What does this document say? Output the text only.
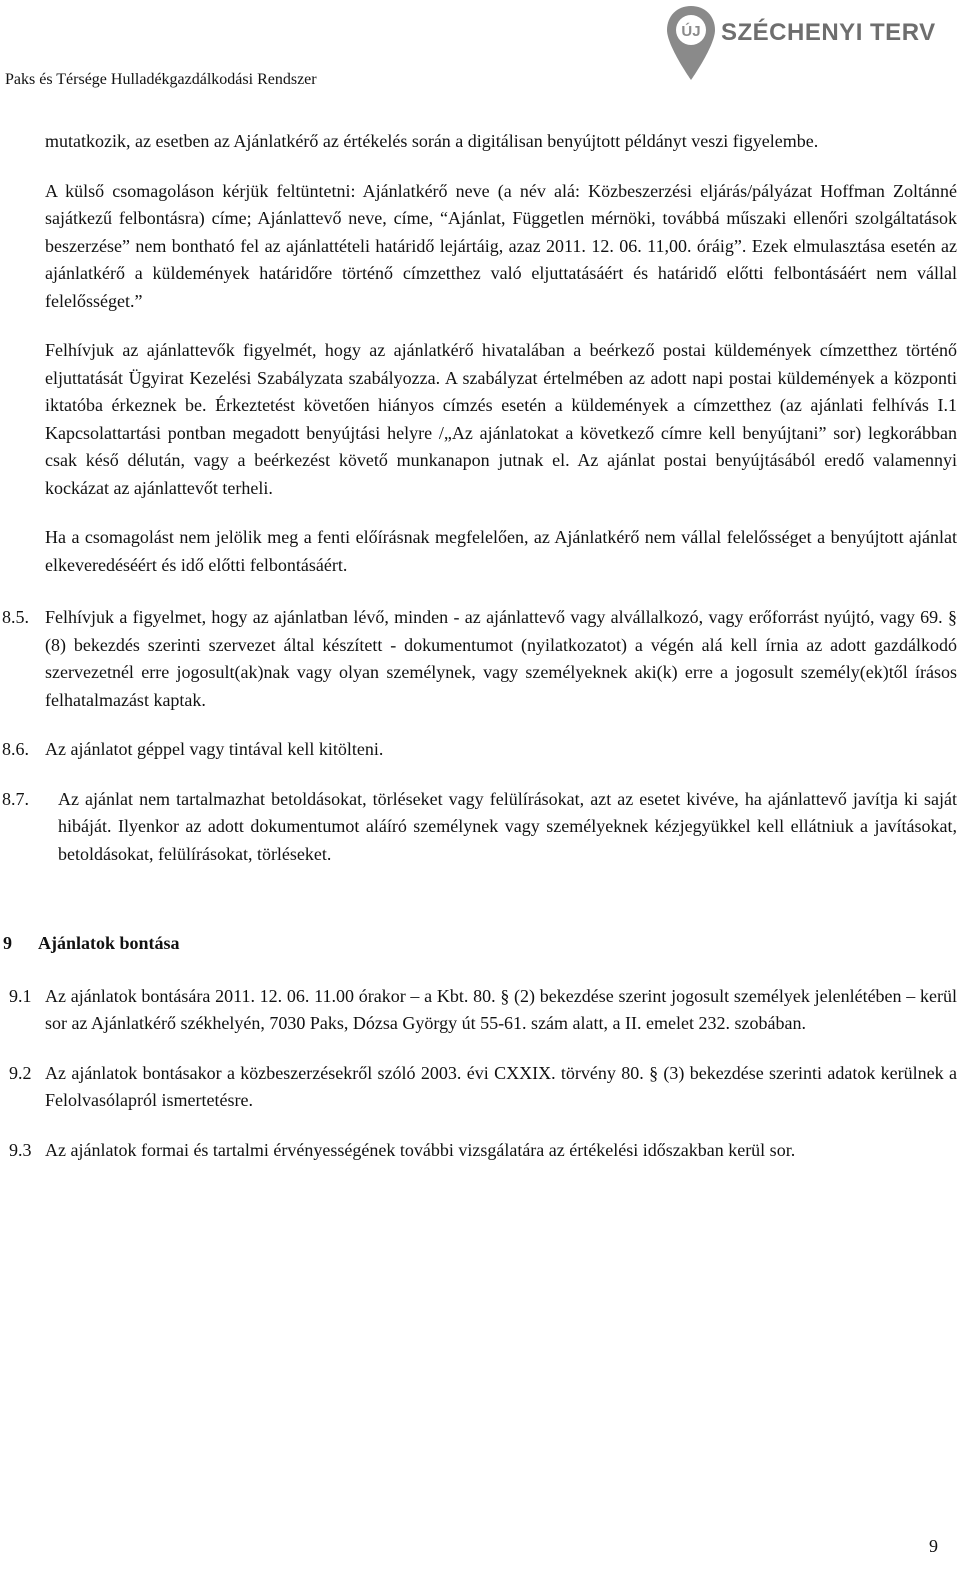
Paks és Térsége Hulladékgazdálkodási Rendszer
ÚJ SZÉCHENYI TERV

mutatkozik, az esetben az Ajánlatkérő az értékelés során a digitálisan benyújtott példányt veszi figyelembe.

A külső csomagoláson kérjük feltüntetni: Ajánlatkérő neve (a név alá: Közbeszerzési eljárás/pályázat Hoffman Zoltánné sajátkezű felbontásra) címe; Ajánlattevő neve, címe, “Ajánlat, Független mérnöki, továbbá műszaki ellenőri szolgáltatások beszerzése” nem bontható fel az ajánlattételi határidő lejártáig, azaz 2011. 12. 06. 11,00. óráig”. Ezek elmulasztása esetén az ajánlatkérő a küldemények határidőre történő címzetthez való eljuttatásáért és határidő előtti felbontásáért nem vállal felelősséget.”

Felhívjuk az ajánlattevők figyelmét, hogy az ajánlatkérő hivatalában a beérkező postai küldemények címzetthez történő eljuttatását Ügyirat Kezelési Szabályzata szabályozza. A szabályzat értelmében az adott napi postai küldemények a központi iktatóba érkeznek be. Érkeztetést követően hiányos címzés esetén a küldemények a címzetthez (az ajánlati felhívás I.1 Kapcsolattartási pontban megadott benyújtási helyre /„Az ajánlatokat a következő címre kell benyújtani” sor) legkorábban csak késő délután, vagy a beérkezést követő munkanapon jutnak el. Az ajánlat postai benyújtásából eredő valamennyi kockázat az ajánlattevőt terheli.

Ha a csomagolást nem jelölik meg a fenti előírásnak megfelelően, az Ajánlatkérő nem vállal felelősséget a benyújtott ajánlat elkeveredéséért és idő előtti felbontásáért.

8.5. Felhívjuk a figyelmet, hogy az ajánlatban lévő, minden - az ajánlattevő vagy alvállalkozó, vagy erőforrást nyújtó, vagy 69. § (8) bekezdés szerinti szervezet által készített - dokumentumot (nyilatkozatot) a végén alá kell írnia az adott gazdálkodó szervezetnél erre jogosult(ak)nak vagy olyan személynek, vagy személyeknek aki(k) erre a jogosult személy(ek)től írásos felhatalmazást kaptak.

8.6. Az ajánlatot géppel vagy tintával kell kitölteni.

8.7. Az ajánlat nem tartalmazhat betoldásokat, törléseket vagy felülírásokat, azt az esetet kivéve, ha ajánlattevő javítja ki saját hibáját. Ilyenkor az adott dokumentumot aláíró személynek vagy személyeknek kézjegyükkel kell ellátniuk a javításokat, betoldásokat, felülírásokat, törléseket.

9 Ajánlatok bontása

9.1 Az ajánlatok bontására 2011. 12. 06. 11.00 órakor – a Kbt. 80. § (2) bekezdése szerint jogosult személyek jelenlétében – kerül sor az Ajánlatkérő székhelyén, 7030 Paks, Dózsa György út 55-61. szám alatt, a II. emelet 232. szobában.

9.2 Az ajánlatok bontásakor a közbeszerzésekről szóló 2003. évi CXXIX. törvény 80. § (3) bekezdése szerinti adatok kerülnek a Felolvasólapról ismertetésre.

9.3 Az ajánlatok formai és tartalmi érvényességének további vizsgálatára az értékelési időszakban kerül sor.

9
